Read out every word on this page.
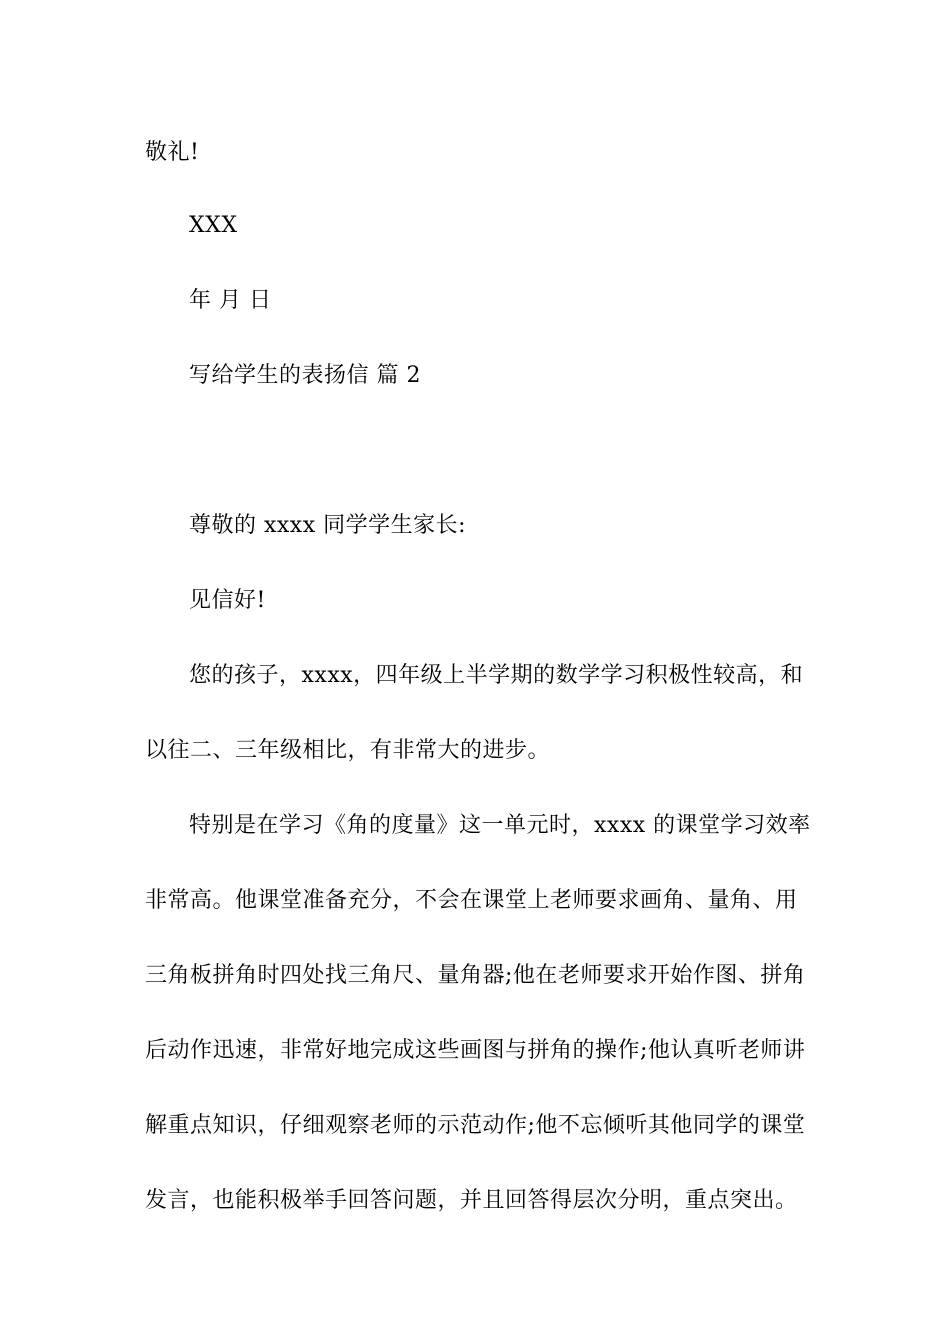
敬礼!
XXX
年 月 日
写给学生的表扬信 篇 2
尊敬的 xxxx 同学学生家长:
见信好!
您的孩子，xxxx，四年级上半学期的数学学习积极性较高，和
以往二、三年级相比，有非常大的进步。
特别是在学习《角的度量》这一单元时，xxxx 的课堂学习效率
非常高。他课堂准备充分，不会在课堂上老师要求画角、量角、用
三角板拼角时四处找三角尺、量角器;他在老师要求开始作图、拼角
后动作迅速，非常好地完成这些画图与拼角的操作;他认真听老师讲
解重点知识，仔细观察老师的示范动作;他不忘倾听其他同学的课堂
发言，也能积极举手回答问题，并且回答得层次分明，重点突出。
